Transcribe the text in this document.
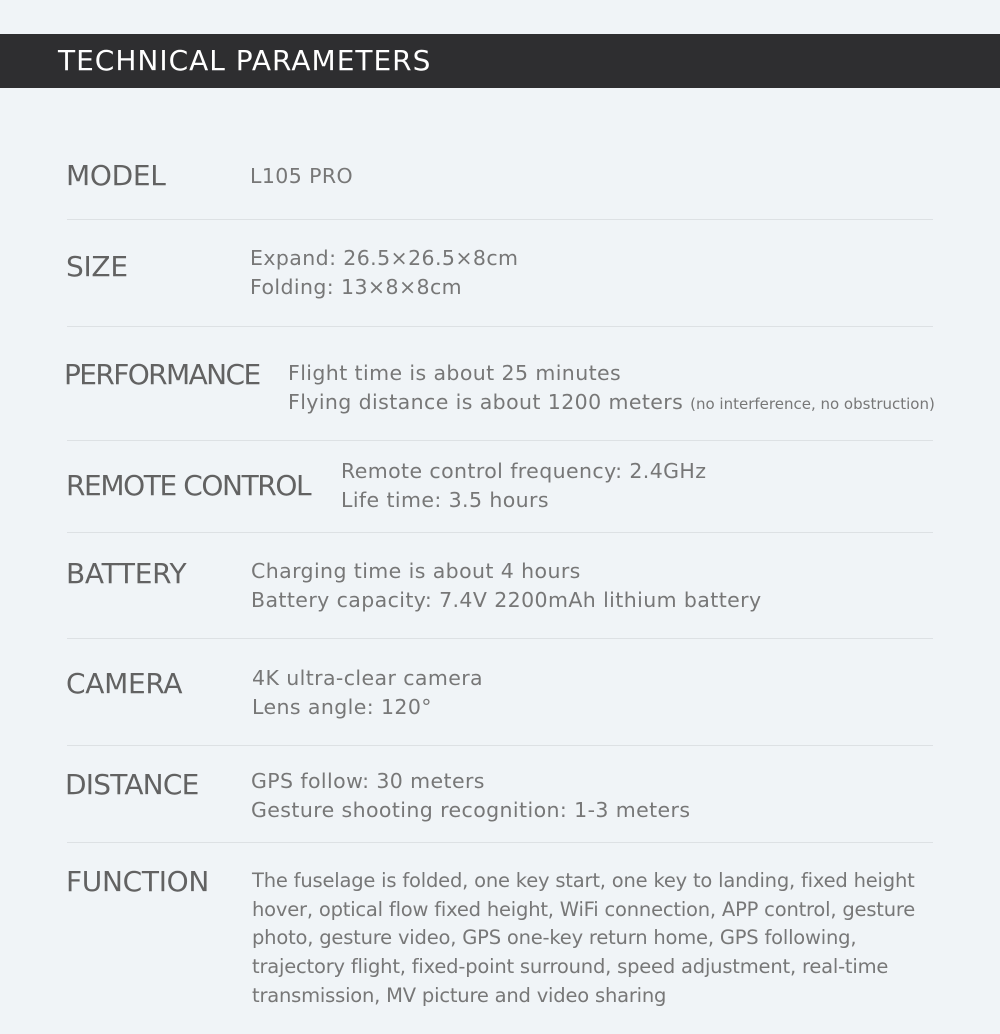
TECHNICAL PARAMETERS
MODEL	L105 PRO
SIZE	Expand: 26.5×26.5×8cm
Folding: 13×8×8cm
PERFORMANCE Flight time is about 25 minutes
Flying distance is about 1200 meters (no interference, no obstruction)
REMOTE CONTROL Remote control frequency: 2.4GHz
Life time: 3.5 hours
BATTERY	Charging time is about 4 hours
Battery capacity: 7.4V 2200mAh lithium battery
CAMERA	4K ultra-clear camera
Lens angle: 120°
DISTANCE	GPS follow: 30 meters
Gesture shooting recognition: 1-3 meters
FUNCTION The fuselage is folded, one key start, one key to landing, fixed height hover, optical flow fixed height, WiFi connection, APP control, gesture photo, gesture video, GPS one-key return home, GPS following, trajectory flight, fixed-point surround, speed adjustment, real-time transmission, MV picture and video sharing
